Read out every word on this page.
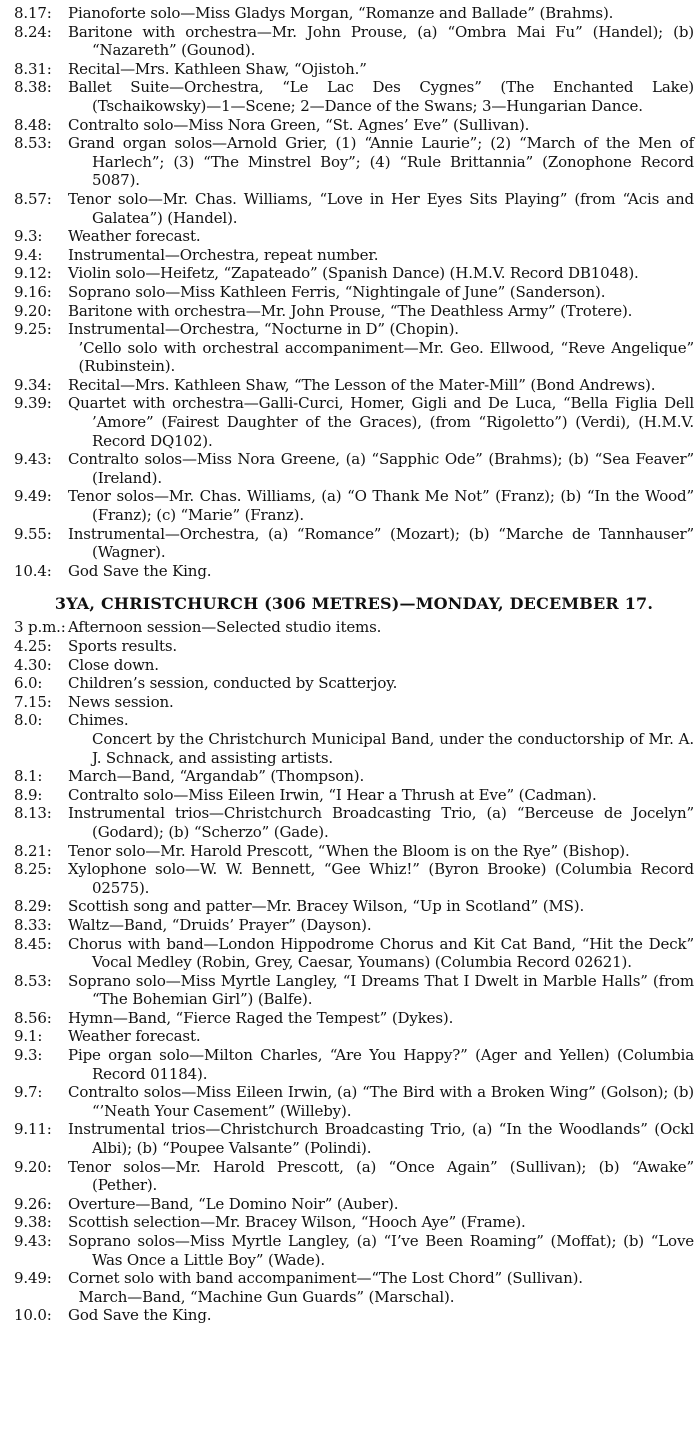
8.17:	Pianoforte solo—Miss Gladys Morgan, “Romanze and Ballade” (Brahms).
8.24:	Baritone with orchestra—Mr. John Prouse, (a) “Ombra Mai Fu” (Handel); (b) “Nazareth” (Gounod).
8.31:	Recital—Mrs. Kathleen Shaw, “Ojistoh.”
8.38:	Ballet Suite—Orchestra, “Le Lac Des Cygnes” (The Enchanted Lake) (Tschaikowsky)—1—Scene; 2—Dance of the Swans; 3—Hungarian Dance.
8.48:	Contralto solo—Miss Nora Green, “St. Agnes’ Eve” (Sullivan).
8.53:	Grand organ solos—Arnold Grier, (1) “Annie Laurie”; (2) “March of the Men of Harlech”; (3) “The Minstrel Boy”; (4) “Rule Brittannia” (Zonophone Record 5087).
8.57:	Tenor solo—Mr. Chas. Williams, “Love in Her Eyes Sits Playing” (from “Acis and Galatea”) (Handel).
9.3:	Weather forecast.
9.4:	Instrumental—Orchestra, repeat number.
9.12:	Violin solo—Heifetz, “Zapateado” (Spanish Dance) (H.M.V. Record DB1048).
9.16:	Soprano solo—Miss Kathleen Ferris, “Nightingale of June” (Sanderson).
9.20:	Baritone with orchestra—Mr. John Prouse, “The Deathless Army” (Trotere).
9.25:	Instrumental—Orchestra, “Nocturne in D” (Chopin).
’Cello solo with orchestral accompaniment—Mr. Geo. Ellwood, “Reve Angelique” (Rubinstein).
9.34:	Recital—Mrs. Kathleen Shaw, “The Lesson of the Mater-Mill” (Bond Andrews).
9.39:	Quartet with orchestra—Galli-Curci, Homer, Gigli and De Luca, “Bella Figlia Dell ’Amore” (Fairest Daughter of the Graces), (from “Rigoletto”) (Verdi), (H.M.V. Record DQ102).
9.43:	Contralto solos—Miss Nora Greene, (a) “Sapphic Ode” (Brahms); (b) “Sea Feaver” (Ireland).
9.49:	Tenor solos—Mr. Chas. Williams, (a) “O Thank Me Not” (Franz); (b) “In the Wood” (Franz); (c) “Marie” (Franz).
9.55:	Instrumental—Orchestra, (a) “Romance” (Mozart); (b) “Marche de Tannhauser” (Wagner).
10.4:	God Save the King.
3YA, CHRISTCHURCH (306 METRES)—MONDAY, DECEMBER 17.
3 p.m.: Afternoon session—Selected studio items.
4.25:	Sports results.
4.30:	Close down.
6.0:	Children’s session, conducted by Scatterjoy.
7.15:	News session.
8.0:	Chimes.
Concert by the Christchurch Municipal Band, under the conductorship of Mr. A. J. Schnack, and assisting artists.
8.1:	March—Band, “Argandab” (Thompson).
8.9:	Contralto solo—Miss Eileen Irwin, “I Hear a Thrush at Eve” (Cadman).
8.13:	Instrumental trios—Christchurch Broadcasting Trio, (a) “Berceuse de Jocelyn” (Godard); (b) “Scherzo” (Gade).
8.21:	Tenor solo—Mr. Harold Prescott, “When the Bloom is on the Rye” (Bishop).
8.25:	Xylophone solo—W. W. Bennett, “Gee Whiz!” (Byron Brooke) (Columbia Record 02575).
8.29:	Scottish song and patter—Mr. Bracey Wilson, “Up in Scotland” (MS).
8.33:	Waltz—Band, “Druids’ Prayer” (Dayson).
8.45:	Chorus with band—London Hippodrome Chorus and Kit Cat Band, “Hit the Deck” Vocal Medley (Robin, Grey, Caesar, Youmans) (Columbia Record 02621).
8.53:	Soprano solo—Miss Myrtle Langley, “I Dreams That I Dwelt in Marble Halls” (from “The Bohemian Girl”) (Balfe).
8.56:	Hymn—Band, “Fierce Raged the Tempest” (Dykes).
9.1:	Weather forecast.
9.3:	Pipe organ solo—Milton Charles, “Are You Happy?” (Ager and Yellen) (Columbia Record 01184).
9.7:	Contralto solos—Miss Eileen Irwin, (a) “The Bird with a Broken Wing” (Golson); (b) “’Neath Your Casement” (Willeby).
9.11:	Instrumental trios—Christchurch Broadcasting Trio, (a) “In the Woodlands” (Ockl Albi); (b) “Poupee Valsante” (Polindi).
9.20:	Tenor solos—Mr. Harold Prescott, (a) “Once Again” (Sullivan); (b) “Awake” (Pether).
9.26:	Overture—Band, “Le Domino Noir” (Auber).
9.38:	Scottish selection—Mr. Bracey Wilson, “Hooch Aye” (Frame).
9.43:	Soprano solos—Miss Myrtle Langley, (a) “I’ve Been Roaming” (Moffat); (b) “Love Was Once a Little Boy” (Wade).
9.49:	Cornet solo with band accompaniment—“The Lost Chord” (Sullivan).
March—Band, “Machine Gun Guards” (Marschal).
10.0:	God Save the King.
